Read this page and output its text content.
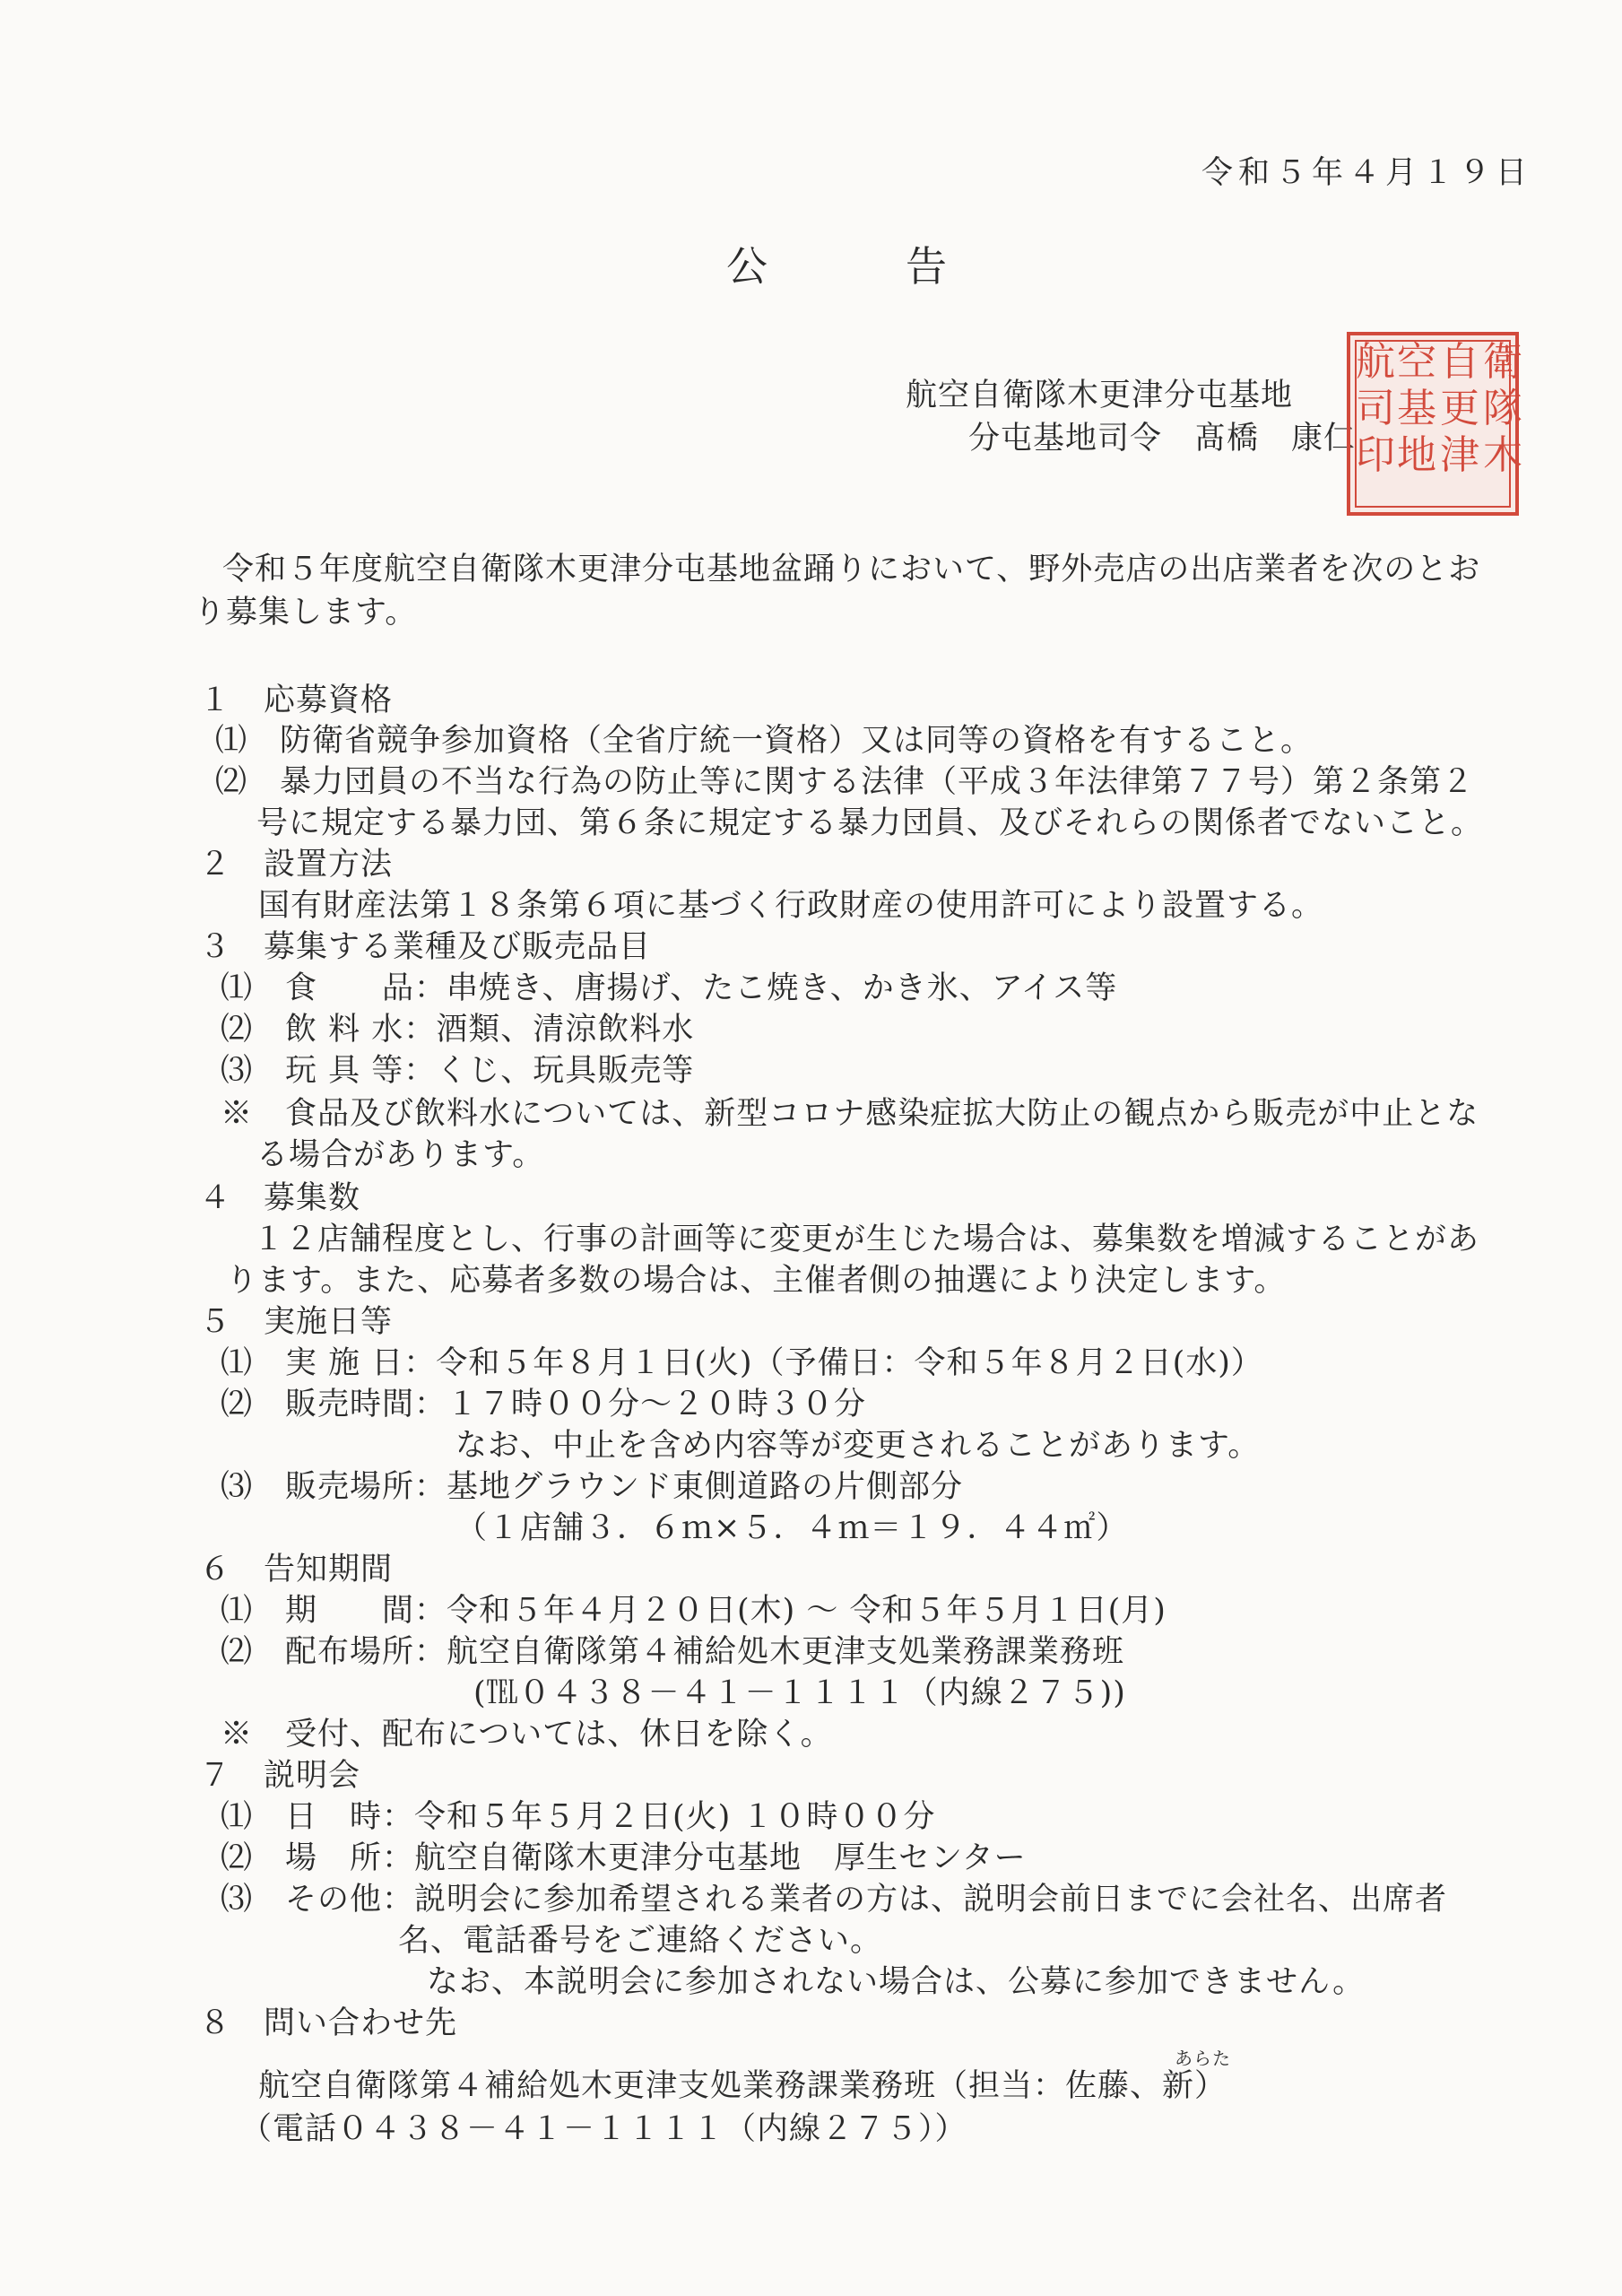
令和５年４月１９日
公	告
航空自衛隊木更津分屯基地
分屯基地司令　髙橋　康仁
衛
隊
木
自
更
津
空
基
地
航
司
印
令和５年度航空自衛隊木更津分屯基地盆踊りにおいて、野外売店の出店業者を次のとお
り募集します。
１　応募資格
⑴　防衛省競争参加資格（全省庁統一資格）又は同等の資格を有すること。
⑵　暴力団員の不当な行為の防止等に関する法律（平成３年法律第７７号）第２条第２
号に規定する暴力団、第６条に規定する暴力団員、及びそれらの関係者でないこと。
２　設置方法
国有財産法第１８条第６項に基づく行政財産の使用許可により設置する。
３　募集する業種及び販売品目
⑴　食　　品：串焼き、唐揚げ、たこ焼き、かき氷、アイス等
⑵　飲 料 水：酒類、清涼飲料水
⑶　玩 具 等：くじ、玩具販売等
※　食品及び飲料水については、新型コロナ感染症拡大防止の観点から販売が中止とな
る場合があります。
４　募集数
１２店舗程度とし、行事の計画等に変更が生じた場合は、募集数を増減することがあ
ります。また、応募者多数の場合は、主催者側の抽選により決定します。
５　実施日等
⑴　実 施 日：令和５年８月１日(火)（予備日：令和５年８月２日(水)）
⑵　販売時間：１７時００分～２０時３０分
なお、中止を含め内容等が変更されることがあります。
⑶　販売場所：基地グラウンド東側道路の片側部分
（１店舗３．６ｍ×５．４ｍ＝１９．４４㎡）
６　告知期間
⑴　期　　間：令和５年４月２０日(木) ～ 令和５年５月１日(月)
⑵　配布場所：航空自衛隊第４補給処木更津支処業務課業務班
(℡０４３８－４１－１１１１（内線２７５))
※　受付、配布については、休日を除く。
７　説明会
⑴　日　時：令和５年５月２日(火) １０時００分
⑵　場　所：航空自衛隊木更津分屯基地　厚生センター
⑶　その他：説明会に参加希望される業者の方は、説明会前日までに会社名、出席者
名、電話番号をご連絡ください。
なお、本説明会に参加されない場合は、公募に参加できません。
８　問い合わせ先
あらた
航空自衛隊第４補給処木更津支処業務課業務班（担当：佐藤、新）
（電話０４３８－４１－１１１１（内線２７５））
